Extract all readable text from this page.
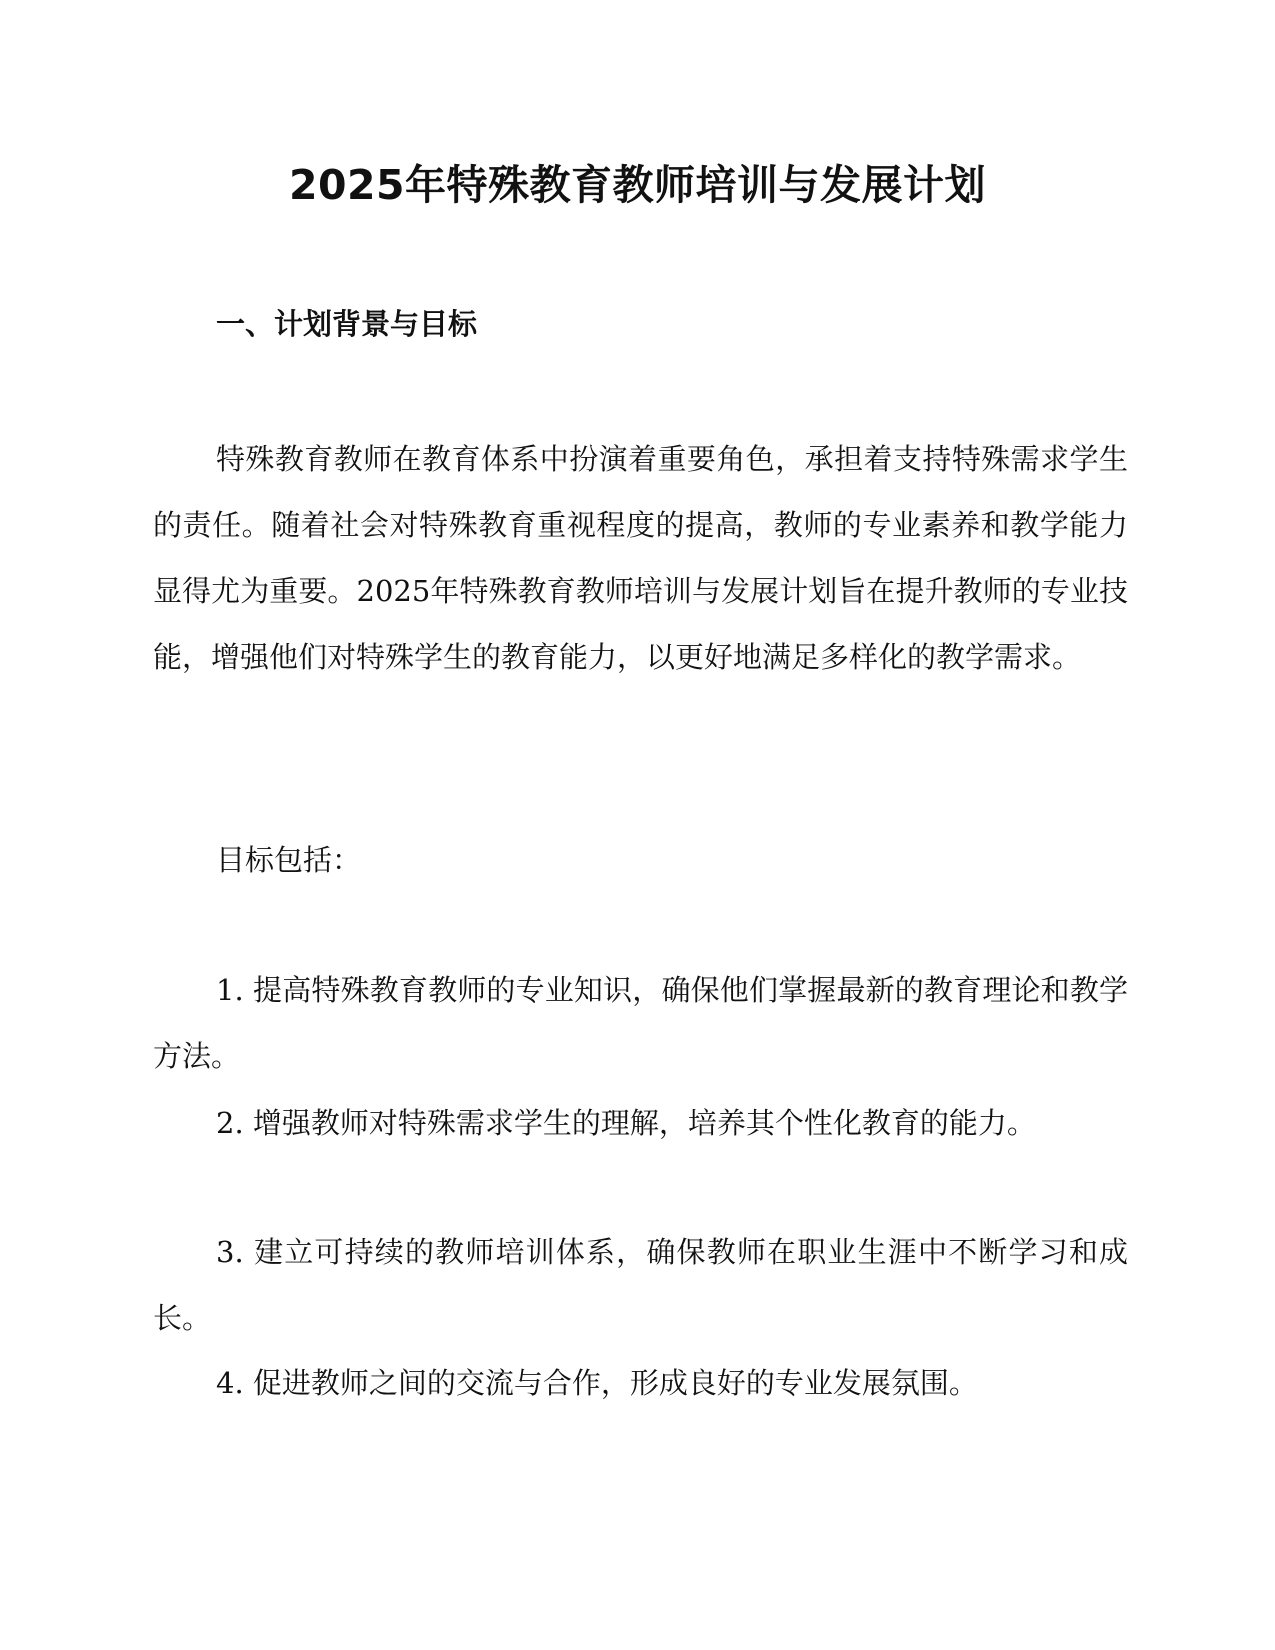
2025年特殊教育教师培训与发展计划
一、计划背景与目标

特殊教育教师在教育体系中扮演着重要角色，承担着支持特殊需求学生的责任。随着社会对特殊教育重视程度的提高，教师的专业素养和教学能力显得尤为重要。2025年特殊教育教师培训与发展计划旨在提升教师的专业技能，增强他们对特殊学生的教育能力，以更好地满足多样化的教学需求。

目标包括：

1. 提高特殊教育教师的专业知识，确保他们掌握最新的教育理论和教学方法。

2. 增强教师对特殊需求学生的理解，培养其个性化教育的能力。

3. 建立可持续的教师培训体系，确保教师在职业生涯中不断学习和成长。

4. 促进教师之间的交流与合作，形成良好的专业发展氛围。
